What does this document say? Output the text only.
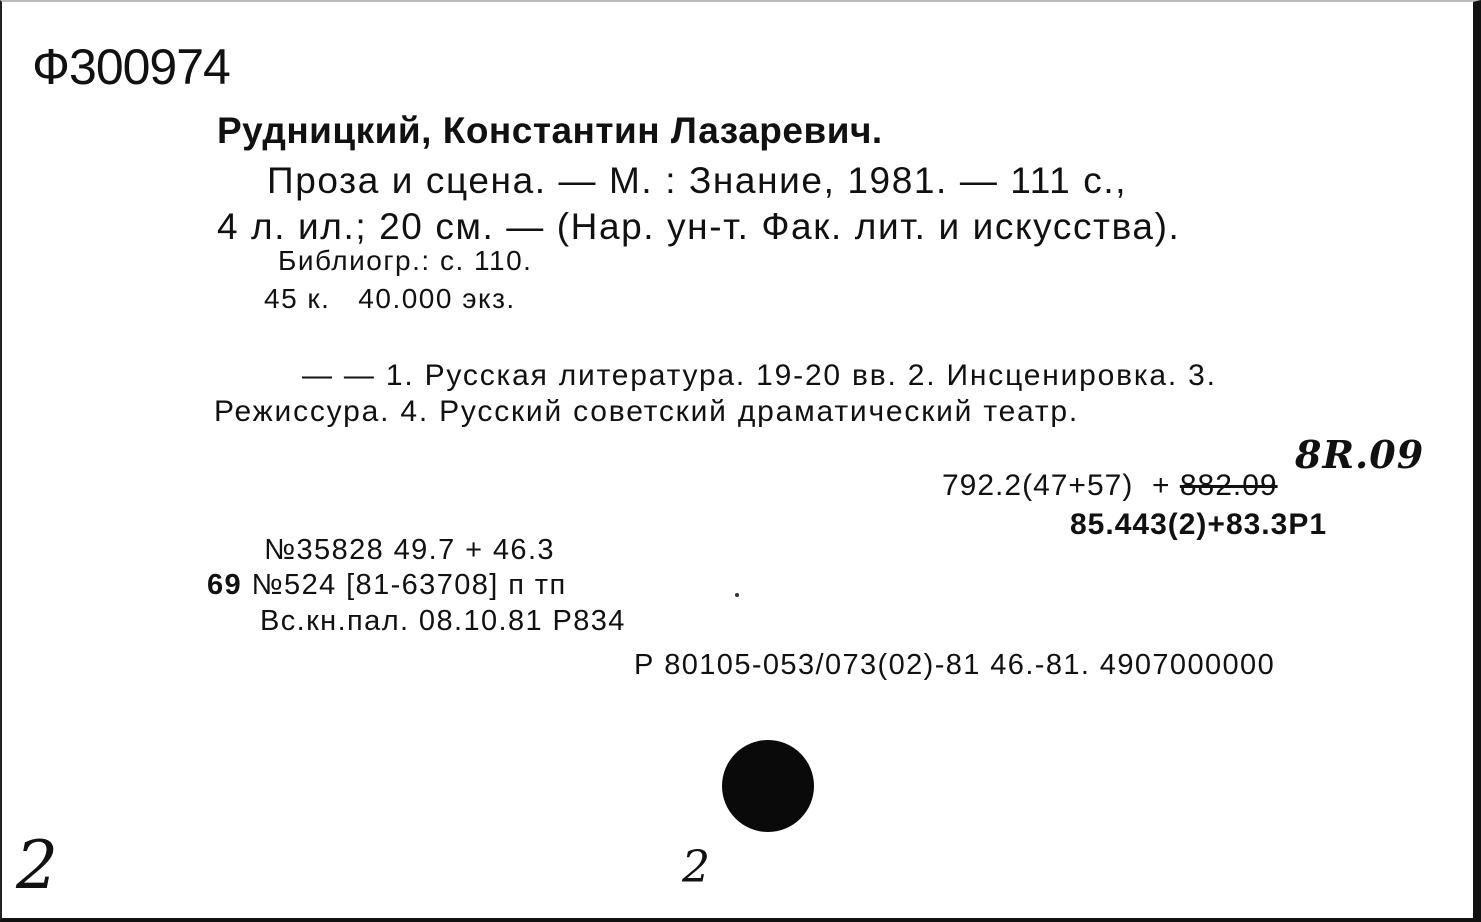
Ф300974
Рудницкий, Константин Лазаревич.
Проза и сцена. — М. : Знание, 1981. — 111 с.,
4 л. ил.; 20 см. — (Нар. ун-т. Фак. лит. и искусства).
Библиогр.: с. 110.
45 к. 40.000 экз.
— — 1. Русская литература. 19-20 вв. 2. Инсценировка. 3.
Режиссура. 4. Русский советский драматический театр.
8R.09
792.2(47+57)  + 882.09
85.443(2)+83.3Р1
№35828 49.7 + 46.3
69 №524 [81-63708] п тп
Вс.кн.пал. 08.10.81 Р834
Р 80105-053/073(02)-81 46.-81. 4907000000
2	2
